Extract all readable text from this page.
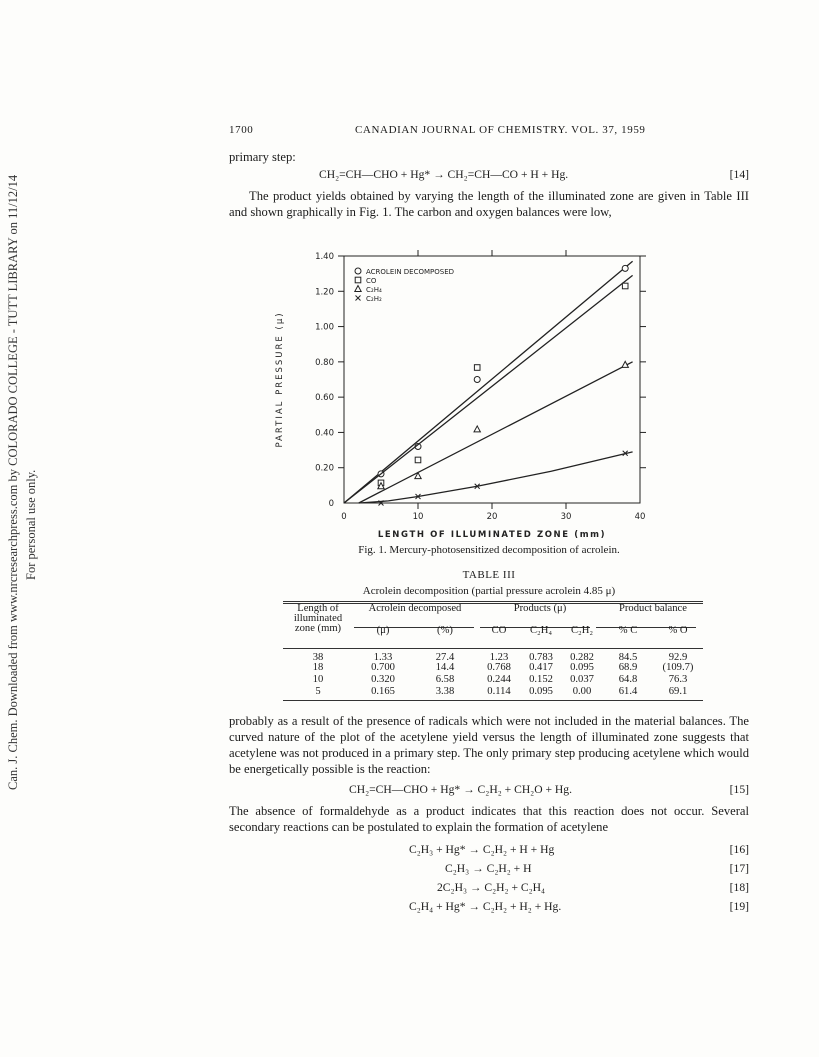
Can. J. Chem. Downloaded from www.nrcresearchpress.com by COLORADO COLLEGE - TUTT LIBRARY on 11/12/14 For personal use only.
1700	CANADIAN JOURNAL OF CHEMISTRY. VOL. 37, 1959
primary step:
CH₂=CH—CHO + Hg* → CH₂=CH—CO + H + Hg.	[14]
The product yields obtained by varying the length of the illuminated zone are given in Table III and shown graphically in Fig. 1. The carbon and oxygen balances were low,
0
0.20
0.40
0.60
0.80
1.00
1.20
1.40
0	10	20	30	40
LENGTH OF ILLUMINATED ZONE (mm)
PARTIAL PRESSURE (μ)
ACROLEIN DECOMPOSED
CO
C₂H₄
C₂H₂
Fig. 1. Mercury-photosensitized decomposition of acrolein.
TABLE III
Acrolein decomposition (partial pressure acrolein 4.85 μ)
Length of illuminated zone (mm)	Acrolein decomposed		Products (μ)			Product balance	
	(μ)	(%)	CO	C₂H₄	C₂H₂	% C	% O
38	1.33	27.4	1.23	0.783	0.282	84.5	92.9
18	0.700	14.4	0.768	0.417	0.095	68.9	(109.7)
10	0.320	6.58	0.244	0.152	0.037	64.8	76.3
5	0.165	3.38	0.114	0.095	0.00	61.4	69.1
probably as a result of the presence of radicals which were not included in the material balances. The curved nature of the plot of the acetylene yield versus the length of illuminated zone suggests that acetylene was not produced in a primary step. The only primary step producing acetylene which would be energetically possible is the reaction:
CH₂=CH—CHO + Hg* → C₂H₂ + CH₂O + Hg.	[15]
The absence of formaldehyde as a product indicates that this reaction does not occur. Several secondary reactions can be postulated to explain the formation of acetylene
C₂H₃ + Hg* → C₂H₂ + H + Hg	[16]
C₂H₃ → C₂H₂ + H	[17]
2C₂H₃ → C₂H₂ + C₂H₄	[18]
C₂H₄ + Hg* → C₂H₂ + H₂ + Hg.	[19]
